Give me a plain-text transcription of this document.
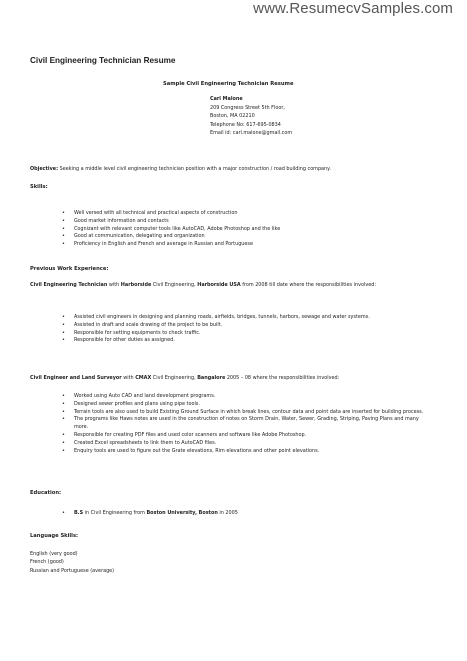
www.ResumecvSamples.com
Civil Engineering Technician Resume
Sample Civil Engineering Technician Resume
Carl Malone
209 Congress Street 5th Floor,
Boston, MA 02210
Telephone No: 617-695-0834
Email id: carl.malone@gmail.com
Objective: Seeking a middle level civil engineering technician position with a major construction / road building company.
Skills:
• Well versed with all technical and practical aspects of construction
• Good market information and contacts
• Cognizant with relevant computer tools like AutoCAD, Adobe Photoshop and the like
• Good at communication, delegating and organization
• Proficiency in English and French and average in Russian and Portuguese
Previous Work Experience:
Civil Engineering Technician with Harborside Civil Engineering, Harborside USA from 2008 till date where the responsibilities involved:
• Assisted civil engineers in designing and planning roads, airfields, bridges, tunnels, harbors, sewage and water systems.
• Assisted in draft and scale drawing of the project to be built.
• Responsible for setting equipments to check traffic.
• Responsible for other duties as assigned.
Civil Engineer and Land Surveyor with CMAX Civil Engineering, Bangalore 2005 – 08 where the responsibilities involved:
• Worked using Auto CAD and land development programs.
• Designed sewer profiles and plans using pipe tools.
• Terrain tools are also used to build Existing Ground Surface in which break lines, contour data and point data are inserted for building process.
• The programs like Haws notes are used in the construction of notes on Storm Drain, Water, Sewer, Grading, Striping, Paving Plans and many more.
• Responsible for creating PDF files and used color scanners and software like Adobe Photoshop.
• Created Excel spreadsheets to link them to AutoCAD files.
• Enquiry tools are used to figure out the Grate elevations, Rim elevations and other point elevations.
Education:
• B.S in Civil Engineering from Boston University, Boston in 2005
Language Skills:
English (very good)
French (good)
Russian and Portuguese (average)
